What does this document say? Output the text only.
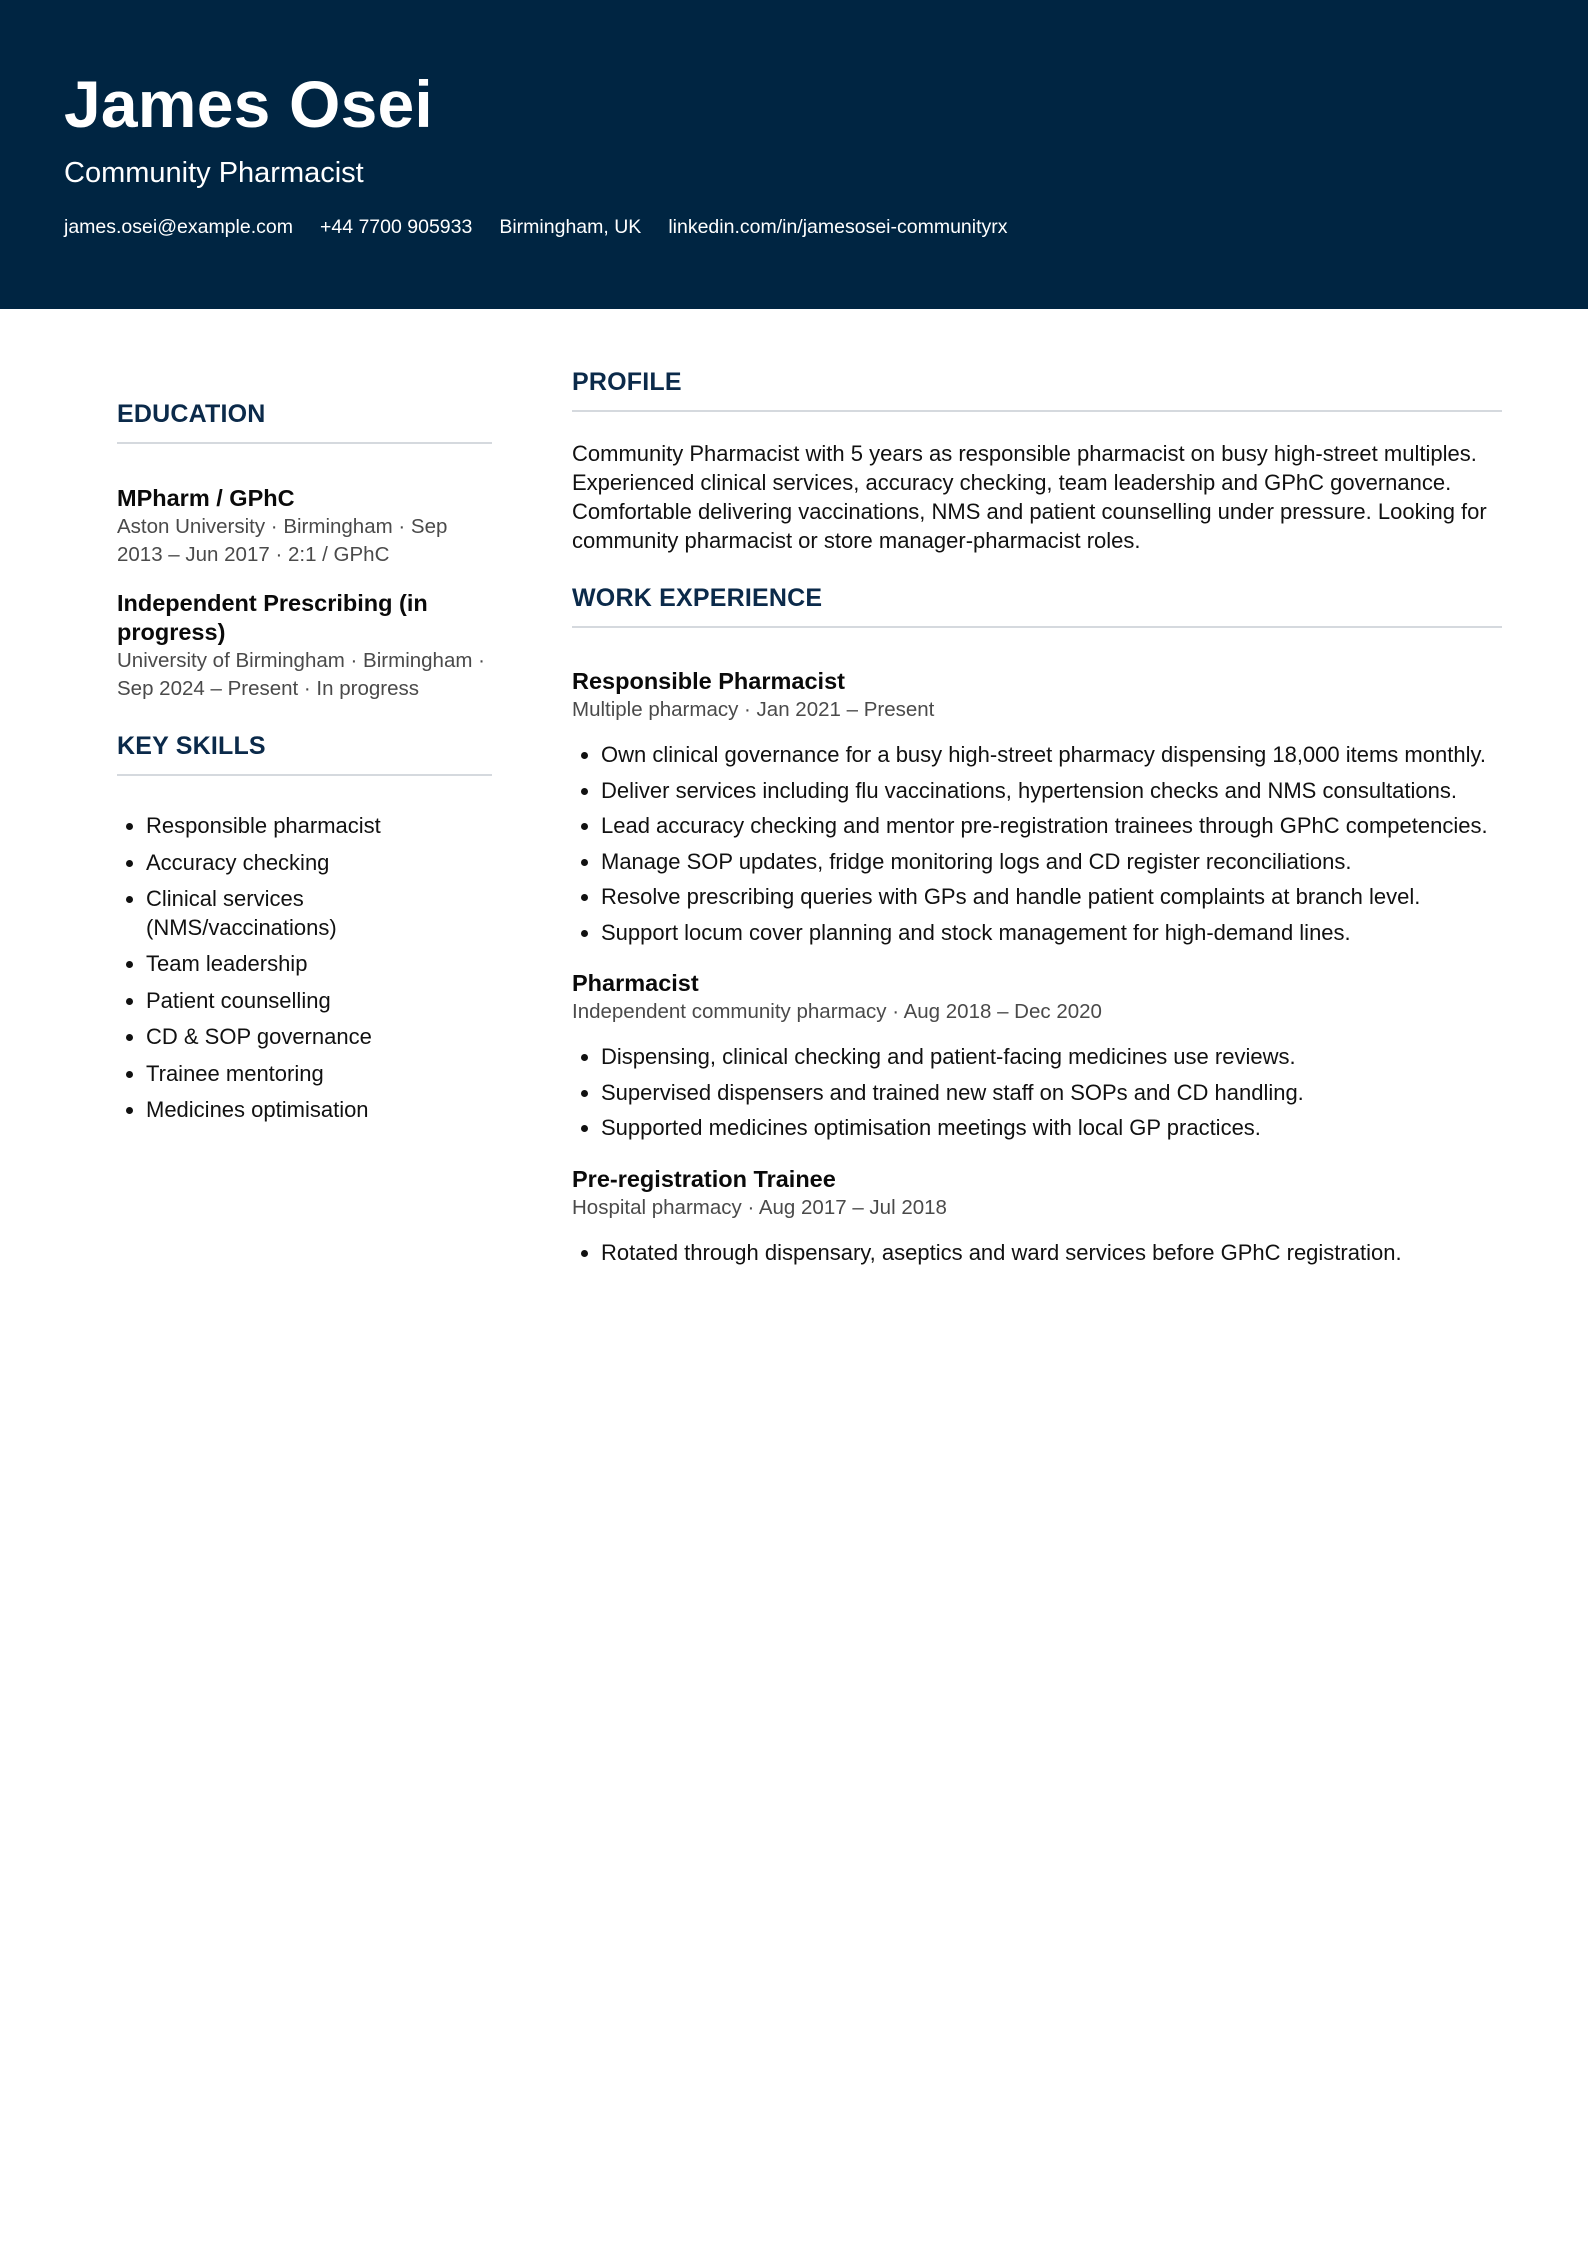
James Osei
Community Pharmacist
james.osei@example.com +44 7700 905933 Birmingham, UK linkedin.com/in/jamesosei-communityrx
EDUCATION
MPharm / GPhC
Aston University · Birmingham · Sep 2013 – Jun 2017 · 2:1 / GPhC
Independent Prescribing (in progress)
University of Birmingham · Birmingham · Sep 2024 – Present · In progress
KEY SKILLS
• Responsible pharmacist
• Accuracy checking
• Clinical services (NMS/vaccinations)
• Team leadership
• Patient counselling
• CD & SOP governance
• Trainee mentoring
• Medicines optimisation
PROFILE

Community Pharmacist with 5 years as responsible pharmacist on busy high-street multiples. Experienced clinical services, accuracy checking, team leadership and GPhC governance. Comfortable delivering vaccinations, NMS and patient counselling under pressure. Looking for community pharmacist or store manager-pharmacist roles.

WORK EXPERIENCE
Responsible Pharmacist
Multiple pharmacy · Jan 2021 – Present
• Own clinical governance for a busy high-street pharmacy dispensing 18,000 items monthly.
• Deliver services including flu vaccinations, hypertension checks and NMS consultations.
• Lead accuracy checking and mentor pre-registration trainees through GPhC competencies.
• Manage SOP updates, fridge monitoring logs and CD register reconciliations.
• Resolve prescribing queries with GPs and handle patient complaints at branch level.
• Support locum cover planning and stock management for high-demand lines.
Pharmacist
Independent community pharmacy · Aug 2018 – Dec 2020
• Dispensing, clinical checking and patient-facing medicines use reviews.
• Supervised dispensers and trained new staff on SOPs and CD handling.
• Supported medicines optimisation meetings with local GP practices.
Pre-registration Trainee
Hospital pharmacy · Aug 2017 – Jul 2018
• Rotated through dispensary, aseptics and ward services before GPhC registration.
